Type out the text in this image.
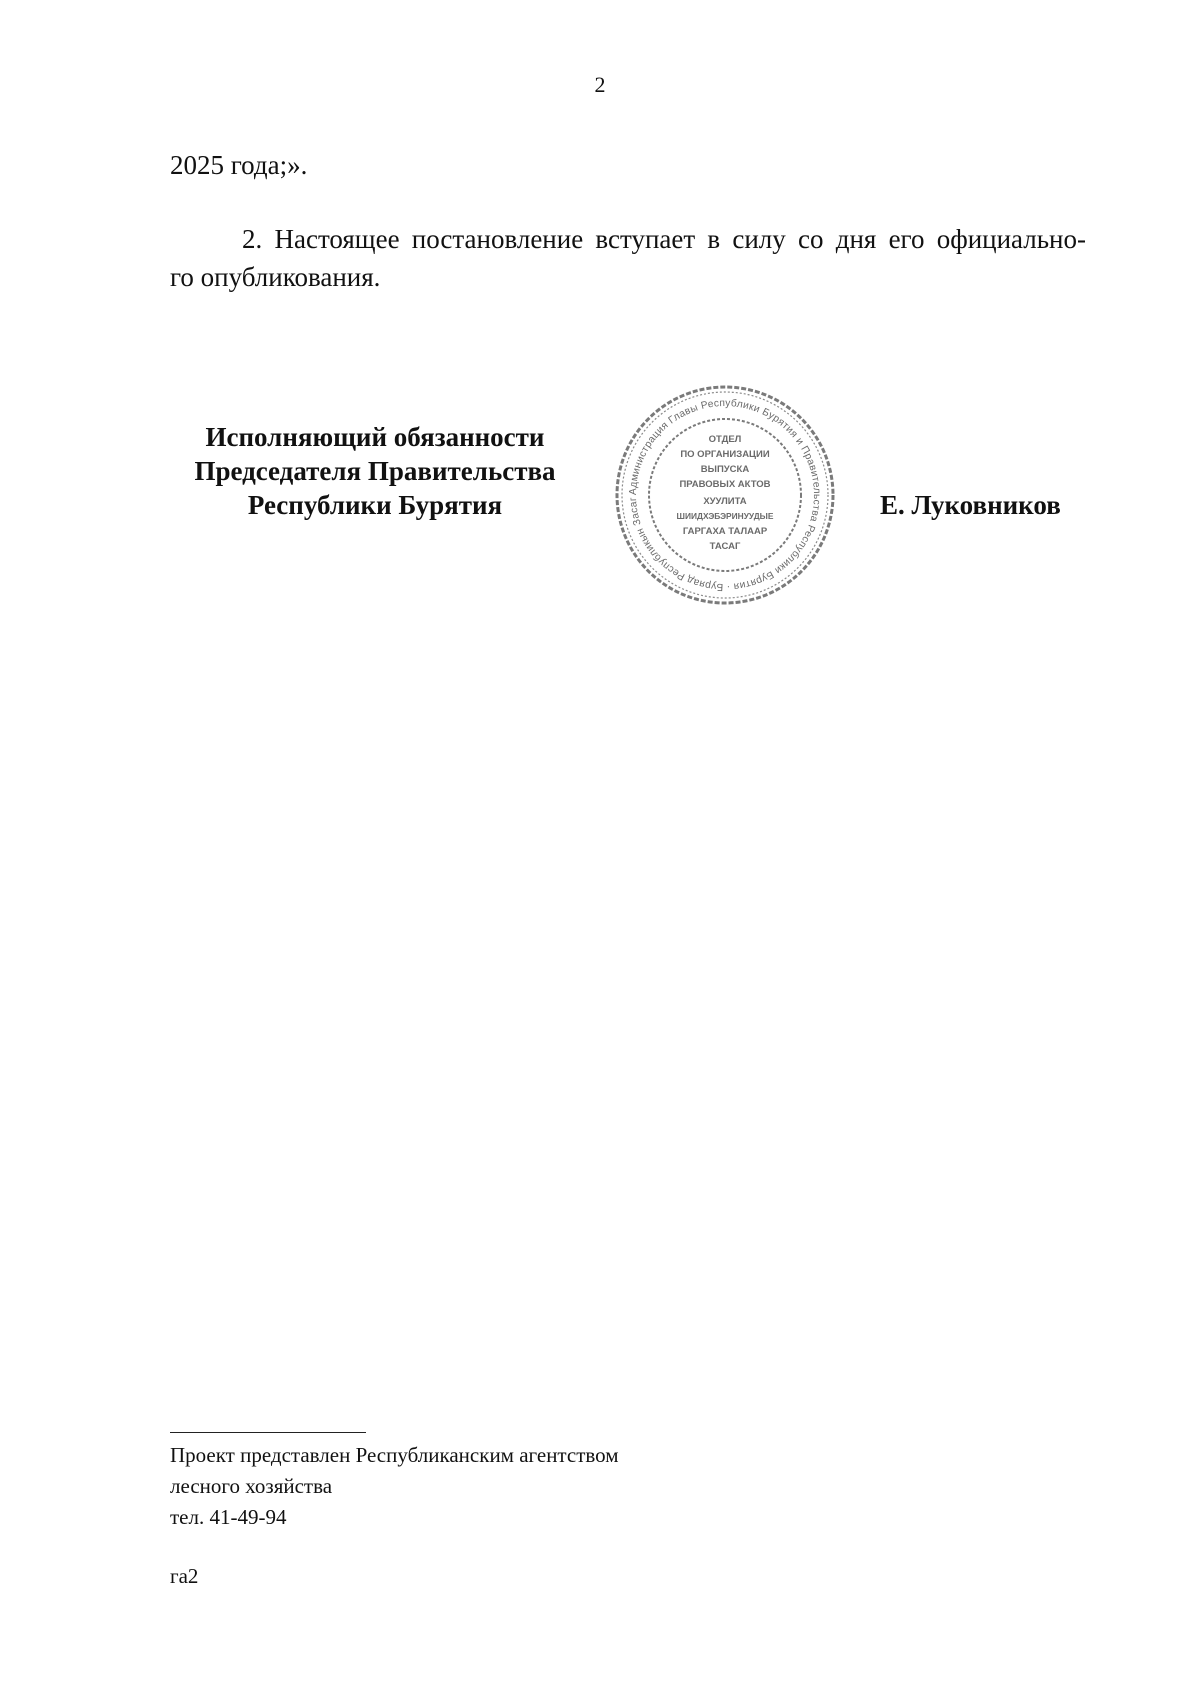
2
2025 года;».
2. Настоящее постановление вступает в силу со дня его официально-
го опубликования.
Исполняющий обязанности
Председателя Правительства
Республики Бурятия	Администрация Главы Республики Бурятия и Правительства Республики Бурятия · Буряад Республикын Засаг
ОТДЕЛ
ПО ОРГАНИЗАЦИИ
ВЫПУСКА
ПРАВОВЫХ АКТОВ
ХУУЛИТА
ШИИДХЭБЭРИНУУДЫЕ
ГАРГАХА ТАЛААР
ТАСАГ
Е. Луковников
Проект представлен Республиканским агентством
лесного хозяйства
тел. 41-49-94
га2
